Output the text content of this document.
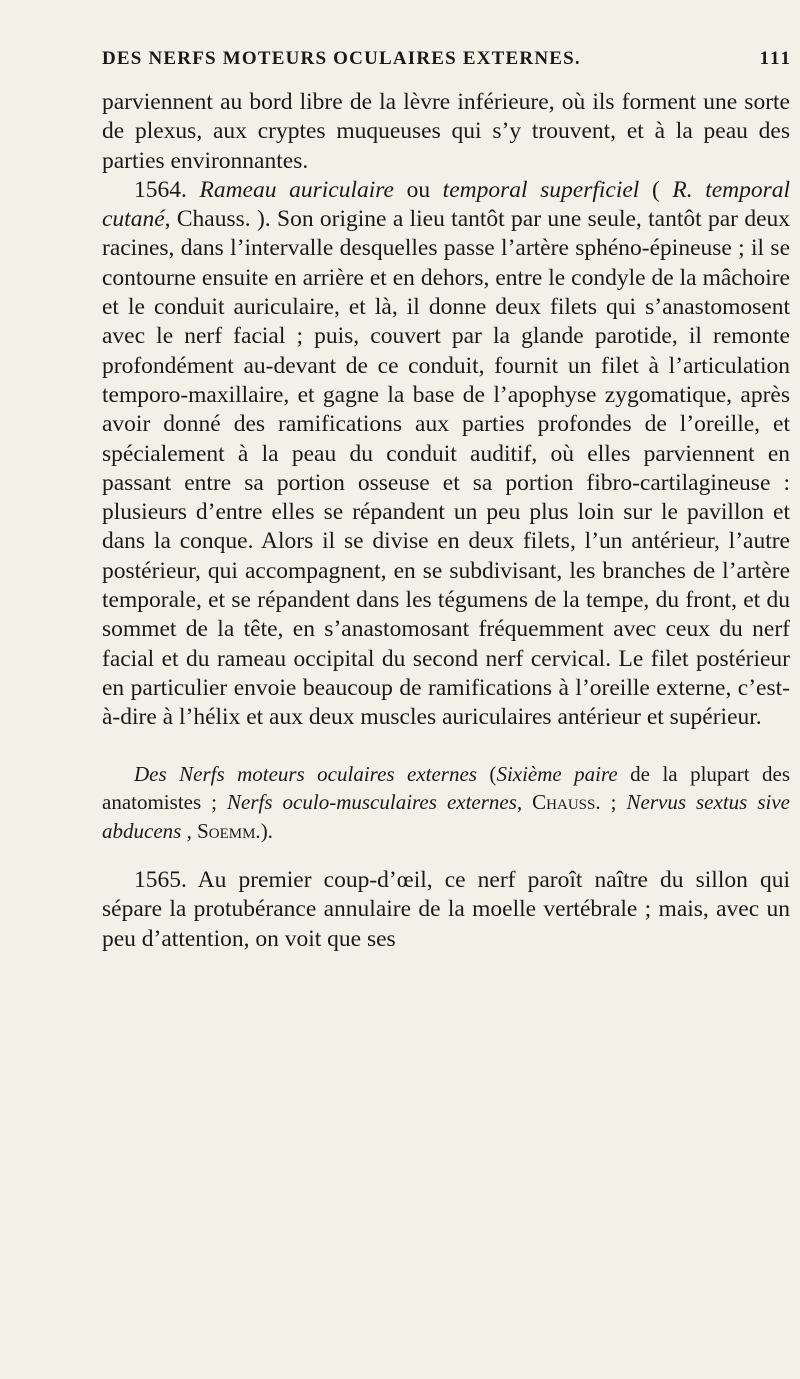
DES NERFS MOTEURS OCULAIRES EXTERNES.	111

parviennent au bord libre de la lèvre inférieure, où ils forment une sorte de plexus, aux cryptes muqueuses qui s’y trouvent, et à la peau des parties environnantes.

1564. Rameau auriculaire ou temporal superficiel ( R. temporal cutané, Chauss. ). Son origine a lieu tantôt par une seule, tantôt par deux racines, dans l’intervalle desquelles passe l’artère sphéno-épineuse ; il se contourne ensuite en arrière et en dehors, entre le condyle de la mâchoire et le conduit auriculaire, et là, il donne deux filets qui s’anastomosent avec le nerf facial ; puis, couvert par la glande parotide, il remonte profondément au-devant de ce conduit, fournit un filet à l’articulation temporo-maxillaire, et gagne la base de l’apophyse zygomatique, après avoir donné des ramifications aux parties profondes de l’oreille, et spécialement à la peau du conduit auditif, où elles parviennent en passant entre sa portion osseuse et sa portion fibro-cartilagineuse : plusieurs d’entre elles se répandent un peu plus loin sur le pavillon et dans la conque. Alors il se divise en deux filets, l’un antérieur, l’autre postérieur, qui accompagnent, en se subdivisant, les branches de l’artère temporale, et se répandent dans les tégumens de la tempe, du front, et du sommet de la tête, en s’anastomosant fréquemment avec ceux du nerf facial et du rameau occipital du second nerf cervical. Le filet postérieur en particulier envoie beaucoup de ramifications à l’oreille externe, c’est-à-dire à l’hélix et aux deux muscles auriculaires antérieur et supérieur.

Des Nerfs moteurs oculaires externes (Sixième paire de la plupart des anatomistes ; Nerfs oculo-musculaires externes, Chauss. ; Nervus sextus sive abducens , Soemm.).

1565. Au premier coup-d’œil, ce nerf paroît naître du sillon qui sépare la protubérance annulaire de la moelle vertébrale ; mais, avec un peu d’attention, on voit que ses
